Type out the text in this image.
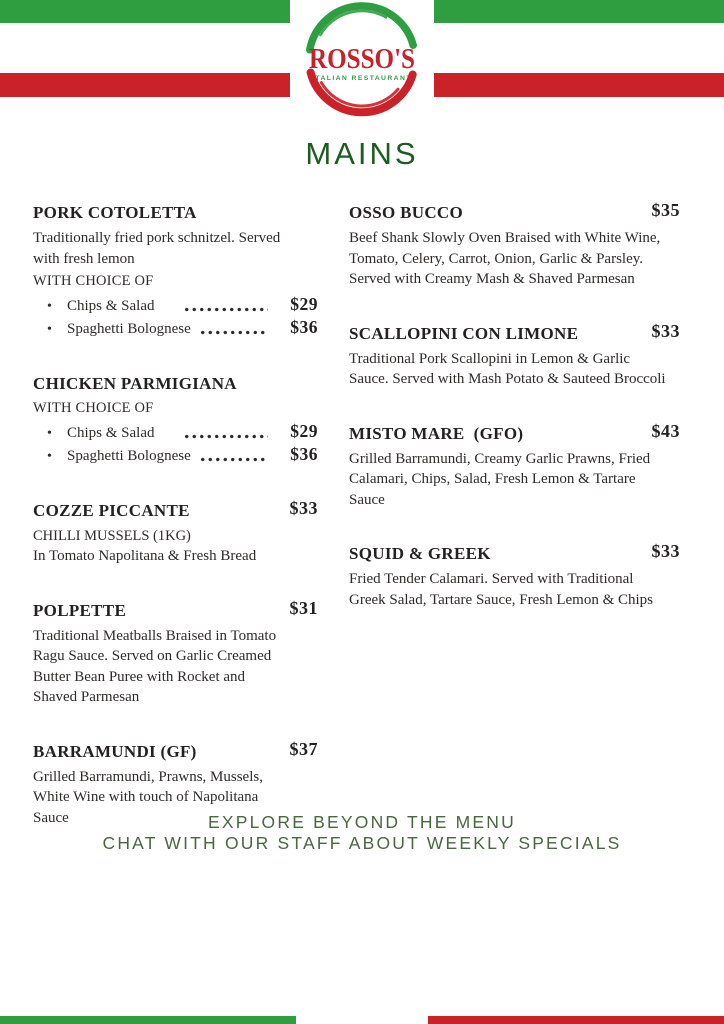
ROSSO'S
ITALIAN RESTAURANT
MAINS
PORK COTOLETTA
Traditionally fried pork schnitzel. Served
with fresh lemon
WITH CHOICE OF
•
Chips & Salad	$29
•
Spaghetti Bolognese	$36
CHICKEN PARMIGIANA
WITH CHOICE OF
•
Chips & Salad	$29
•
Spaghetti Bolognese	$36
COZZE PICCANTE	$33
CHILLI MUSSELS (1KG)
In Tomato Napolitana & Fresh Bread
POLPETTE	$31
Traditional Meatballs Braised in Tomato
Ragu Sauce. Served on Garlic Creamed
Butter Bean Puree with Rocket and
Shaved Parmesan
BARRAMUNDI (GF)	$37
Grilled Barramundi, Prawns, Mussels,
White Wine with touch of Napolitana
Sauce
OSSO BUCCO	$35
Beef Shank Slowly Oven Braised with White Wine,
Tomato, Celery, Carrot, Onion, Garlic & Parsley.
Served with Creamy Mash & Shaved Parmesan
SCALLOPINI CON LIMONE	$33
Traditional Pork Scallopini in Lemon & Garlic
Sauce. Served with Mash Potato & Sauteed Broccoli
MISTO MARE  (GFO)	$43
Grilled Barramundi, Creamy Garlic Prawns, Fried
Calamari, Chips, Salad, Fresh Lemon & Tartare
Sauce
SQUID & GREEK	$33
Fried Tender Calamari. Served with Traditional
Greek Salad, Tartare Sauce, Fresh Lemon & Chips
EXPLORE BEYOND THE MENU
CHAT WITH OUR STAFF ABOUT WEEKLY SPECIALS
